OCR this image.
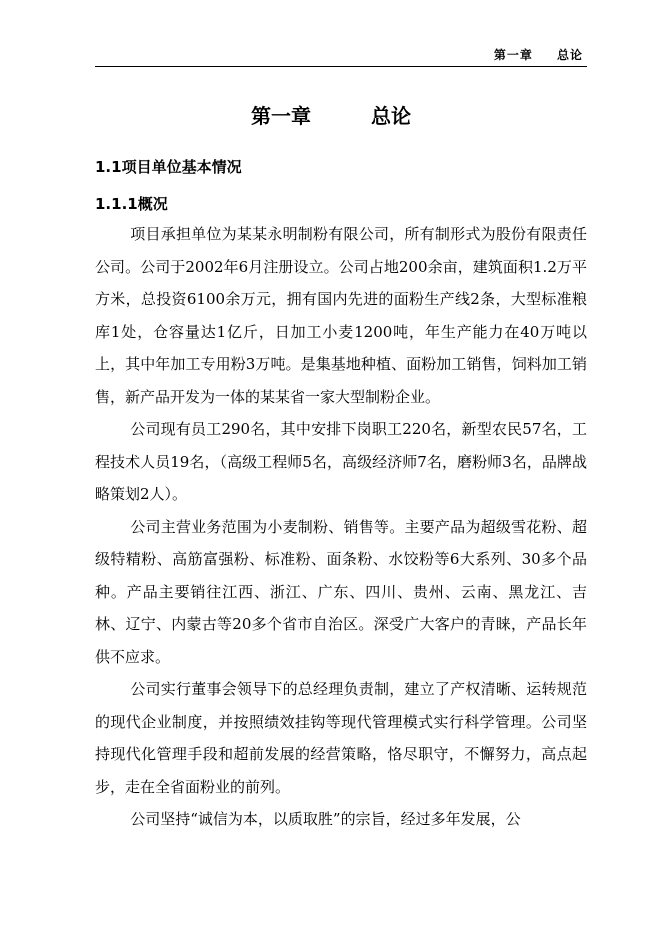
第一章　 总论
第一章　　　总论
1.1项目单位基本情况
1.1.1概况

项目承担单位为某某永明制粉有限公司，所有制形式为股份有限责任公司。公司于2002年6月注册设立。公司占地200余亩，建筑面积1.2万平方米，总投资6100余万元，拥有国内先进的面粉生产线2条，大型标准粮库1处，仓容量达1亿斤，日加工小麦1200吨，年生产能力在40万吨以上，其中年加工专用粉3万吨。是集基地种植、面粉加工销售，饲料加工销售，新产品开发为一体的某某省一家大型制粉企业。

公司现有员工290名，其中安排下岗职工220名，新型农民57名，工程技术人员19名，（高级工程师5名，高级经济师7名，磨粉师3名，品牌战略策划2人）。

公司主营业务范围为小麦制粉、销售等。主要产品为超级雪花粉、超级特精粉、高筋富强粉、标准粉、面条粉、水饺粉等6大系列、30多个品种。产品主要销往江西、浙江、广东、四川、贵州、云南、黑龙江、吉林、辽宁、内蒙古等20多个省市自治区。深受广大客户的青睐，产品长年供不应求。

公司实行董事会领导下的总经理负责制，建立了产权清晰、运转规范的现代企业制度，并按照绩效挂钩等现代管理模式实行科学管理。公司坚持现代化管理手段和超前发展的经营策略，恪尽职守，不懈努力，高点起步，走在全省面粉业的前列。

公司坚持“诚信为本，以质取胜”的宗旨，经过多年发展，公
